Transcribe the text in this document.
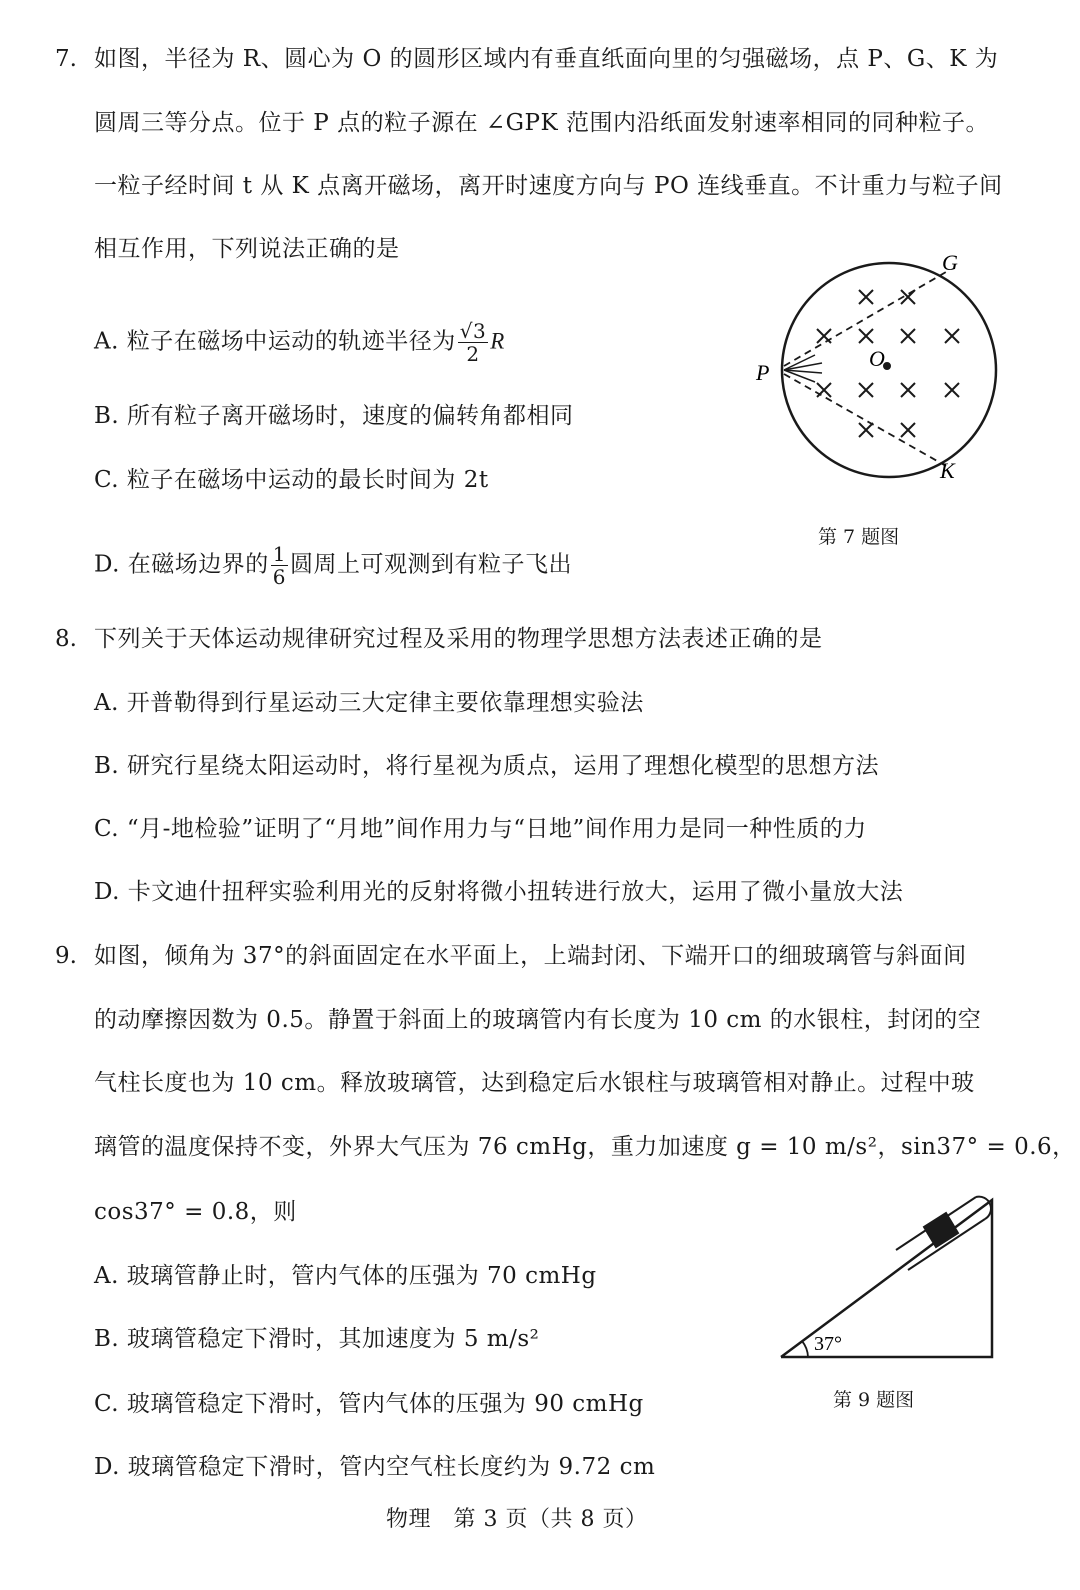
7. 如图，半径为 R、圆心为 O 的圆形区域内有垂直纸面向里的匀强磁场，点 P、G、K 为
圆周三等分点。位于 P 点的粒子源在 ∠GPK 范围内沿纸面发射速率相同的同种粒子。
一粒子经时间 t 从 K 点离开磁场，离开时速度方向与 PO 连线垂直。不计重力与粒子间
相互作用，下列说法正确的是
A. 粒子在磁场中运动的轨迹半径为 $\frac{√3}{2}$ R
B. 所有粒子离开磁场时，速度的偏转角都相同
C. 粒子在磁场中运动的最长时间为 2t
D. 在磁场边界的 $\frac{1}{6}$ 圆周上可观测到有粒子飞出
G
K
P
O
37°
第 7 题图
8. 下列关于天体运动规律研究过程及采用的物理学思想方法表述正确的是
A. 开普勒得到行星运动三大定律主要依靠理想实验法
B. 研究行星绕太阳运动时，将行星视为质点，运用了理想化模型的思想方法
C. “月-地检验”证明了“月地”间作用力与“日地”间作用力是同一种性质的力
D. 卡文迪什扭秤实验利用光的反射将微小扭转进行放大，运用了微小量放大法
9. 如图，倾角为 37°的斜面固定在水平面上，上端封闭、下端开口的细玻璃管与斜面间
的动摩擦因数为 0.5。静置于斜面上的玻璃管内有长度为 10 cm 的水银柱，封闭的空
气柱长度也为 10 cm。释放玻璃管，达到稳定后水银柱与玻璃管相对静止。过程中玻
璃管的温度保持不变，外界大气压为 76 cmHg，重力加速度 g = 10 m/s²，sin37° = 0.6，
cos37° = 0.8，则
A. 玻璃管静止时，管内气体的压强为 70 cmHg
B. 玻璃管稳定下滑时，其加速度为 5 m/s²
C. 玻璃管稳定下滑时，管内气体的压强为 90 cmHg
D. 玻璃管稳定下滑时，管内空气柱长度约为 9.72 cm
第 9 题图
物理　第 3 页（共 8 页）
